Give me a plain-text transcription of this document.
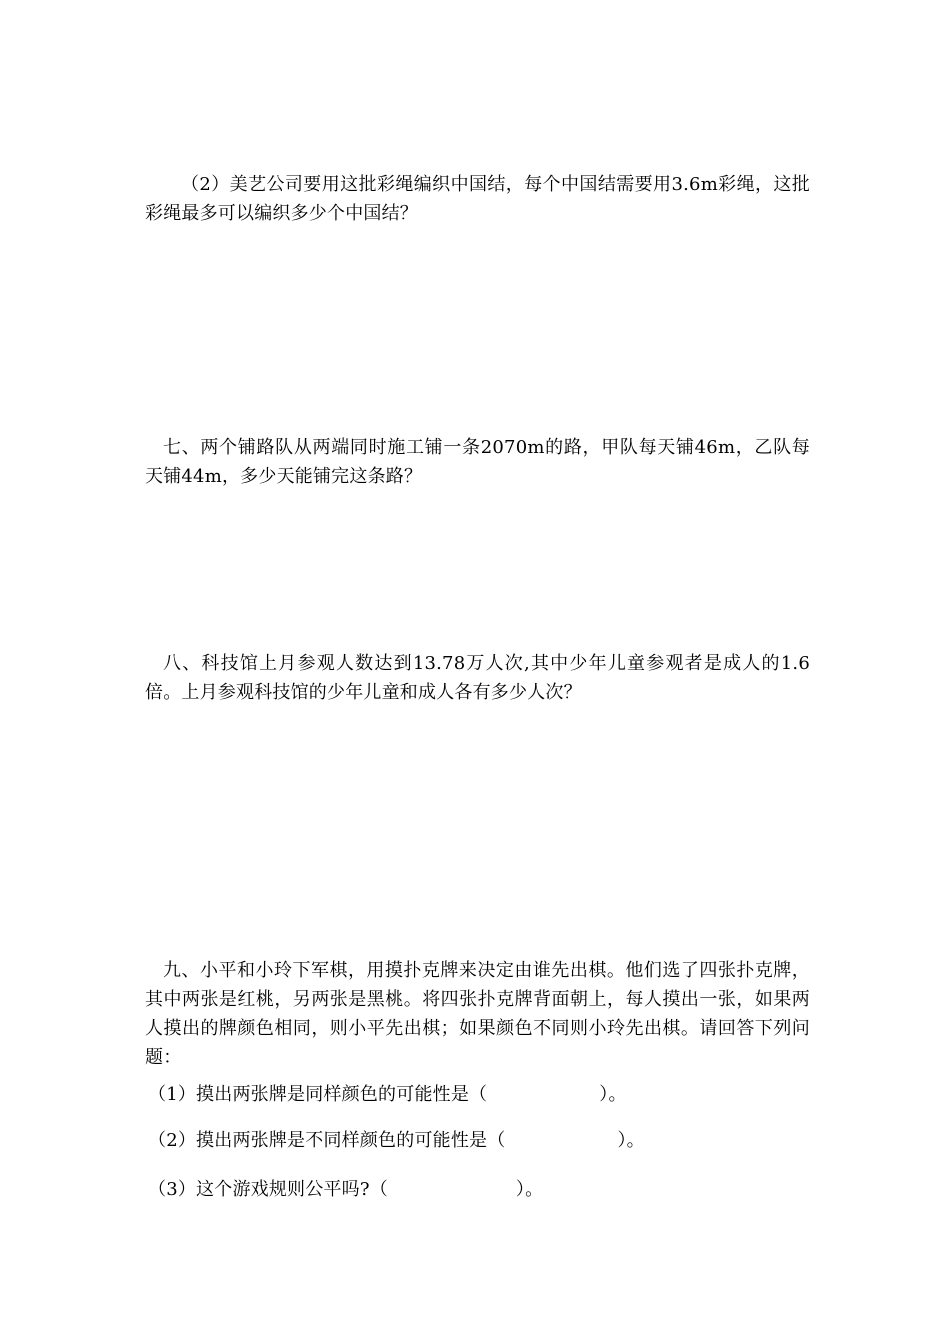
（2）美艺公司要用这批彩绳编织中国结，每个中国结需要用3.6m彩绳，这批彩绳最多可以编织多少个中国结？

七、两个铺路队从两端同时施工铺一条2070m的路，甲队每天铺46m，乙队每天铺44m，多少天能铺完这条路？

八、科技馆上月参观人数达到13.78万人次,其中少年儿童参观者是成人的1.6倍。上月参观科技馆的少年儿童和成人各有多少人次？

九、小平和小玲下军棋，用摸扑克牌来决定由谁先出棋。他们选了四张扑克牌，其中两张是红桃，另两张是黑桃。将四张扑克牌背面朝上，每人摸出一张，如果两人摸出的牌颜色相同，则小平先出棋；如果颜色不同则小玲先出棋。请回答下列问题：

（1）摸出两张牌是同样颜色的可能性是（	）。

（2）摸出两张牌是不同样颜色的可能性是（	）。

（3）这个游戏规则公平吗?（	）。
